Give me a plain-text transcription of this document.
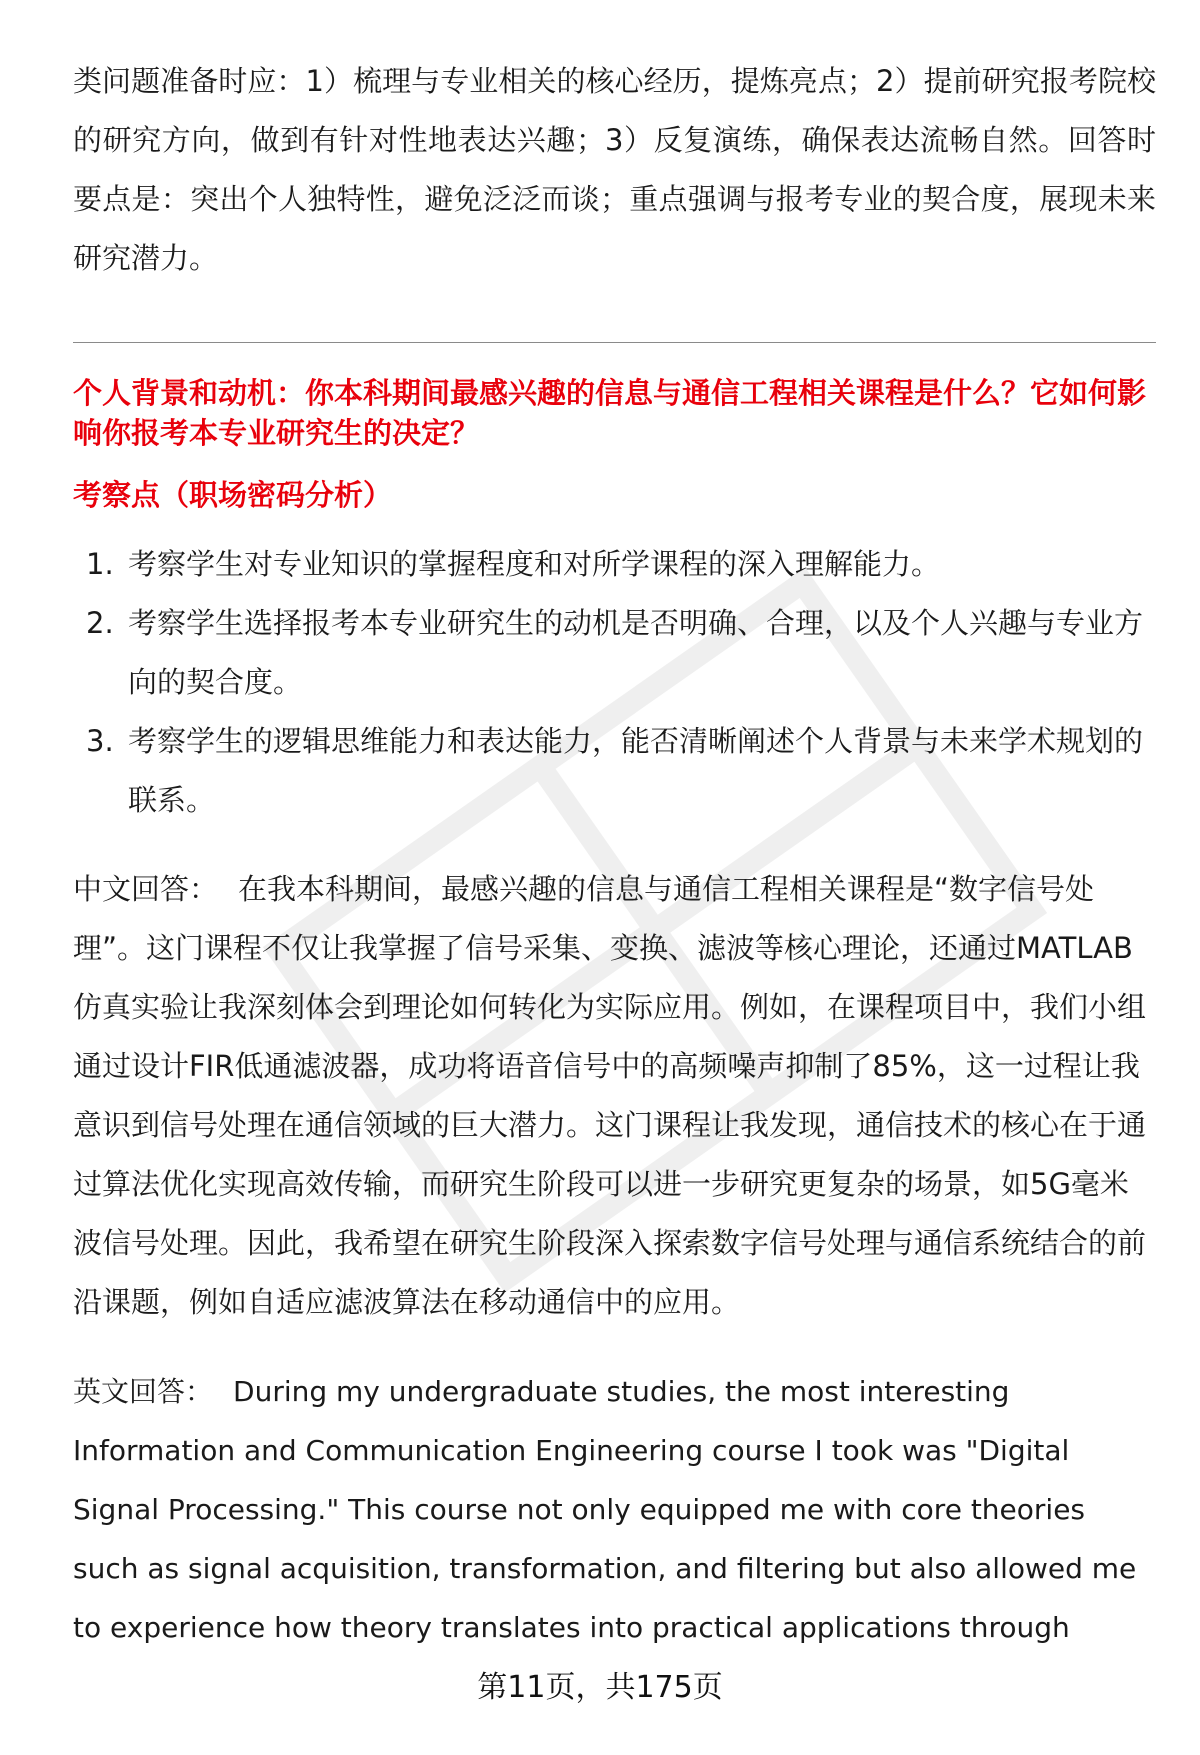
类问题准备时应：1）梳理与专业相关的核心经历，提炼亮点；2）提前研究报考院校的研究方向，做到有针对性地表达兴趣；3）反复演练，确保表达流畅自然。回答时要点是：突出个人独特性，避免泛泛而谈；重点强调与报考专业的契合度，展现未来研究潜力。

个人背景和动机：你本科期间最感兴趣的信息与通信工程相关课程是什么？它如何影响你报考本专业研究生的决定？

考察点（职场密码分析）

1. 考察学生对专业知识的掌握程度和对所学课程的深入理解能力。
2. 考察学生选择报考本专业研究生的动机是否明确、合理，以及个人兴趣与专业方向的契合度。
3. 考察学生的逻辑思维能力和表达能力，能否清晰阐述个人背景与未来学术规划的联系。

中文回答： 在我本科期间，最感兴趣的信息与通信工程相关课程是“数字信号处理”。这门课程不仅让我掌握了信号采集、变换、滤波等核心理论，还通过MATLAB仿真实验让我深刻体会到理论如何转化为实际应用。例如，在课程项目中，我们小组通过设计FIR低通滤波器，成功将语音信号中的高频噪声抑制了85%，这一过程让我意识到信号处理在通信领域的巨大潜力。这门课程让我发现，通信技术的核心在于通过算法优化实现高效传输，而研究生阶段可以进一步研究更复杂的场景，如5G毫米波信号处理。因此，我希望在研究生阶段深入探索数字信号处理与通信系统结合的前沿课题，例如自适应滤波算法在移动通信中的应用。

英文回答： During my undergraduate studies, the most interesting Information and Communication Engineering course I took was "Digital Signal Processing." This course not only equipped me with core theories such as signal acquisition, transformation, and filtering but also allowed me to experience how theory translates into practical applications through

第11页，共175页
